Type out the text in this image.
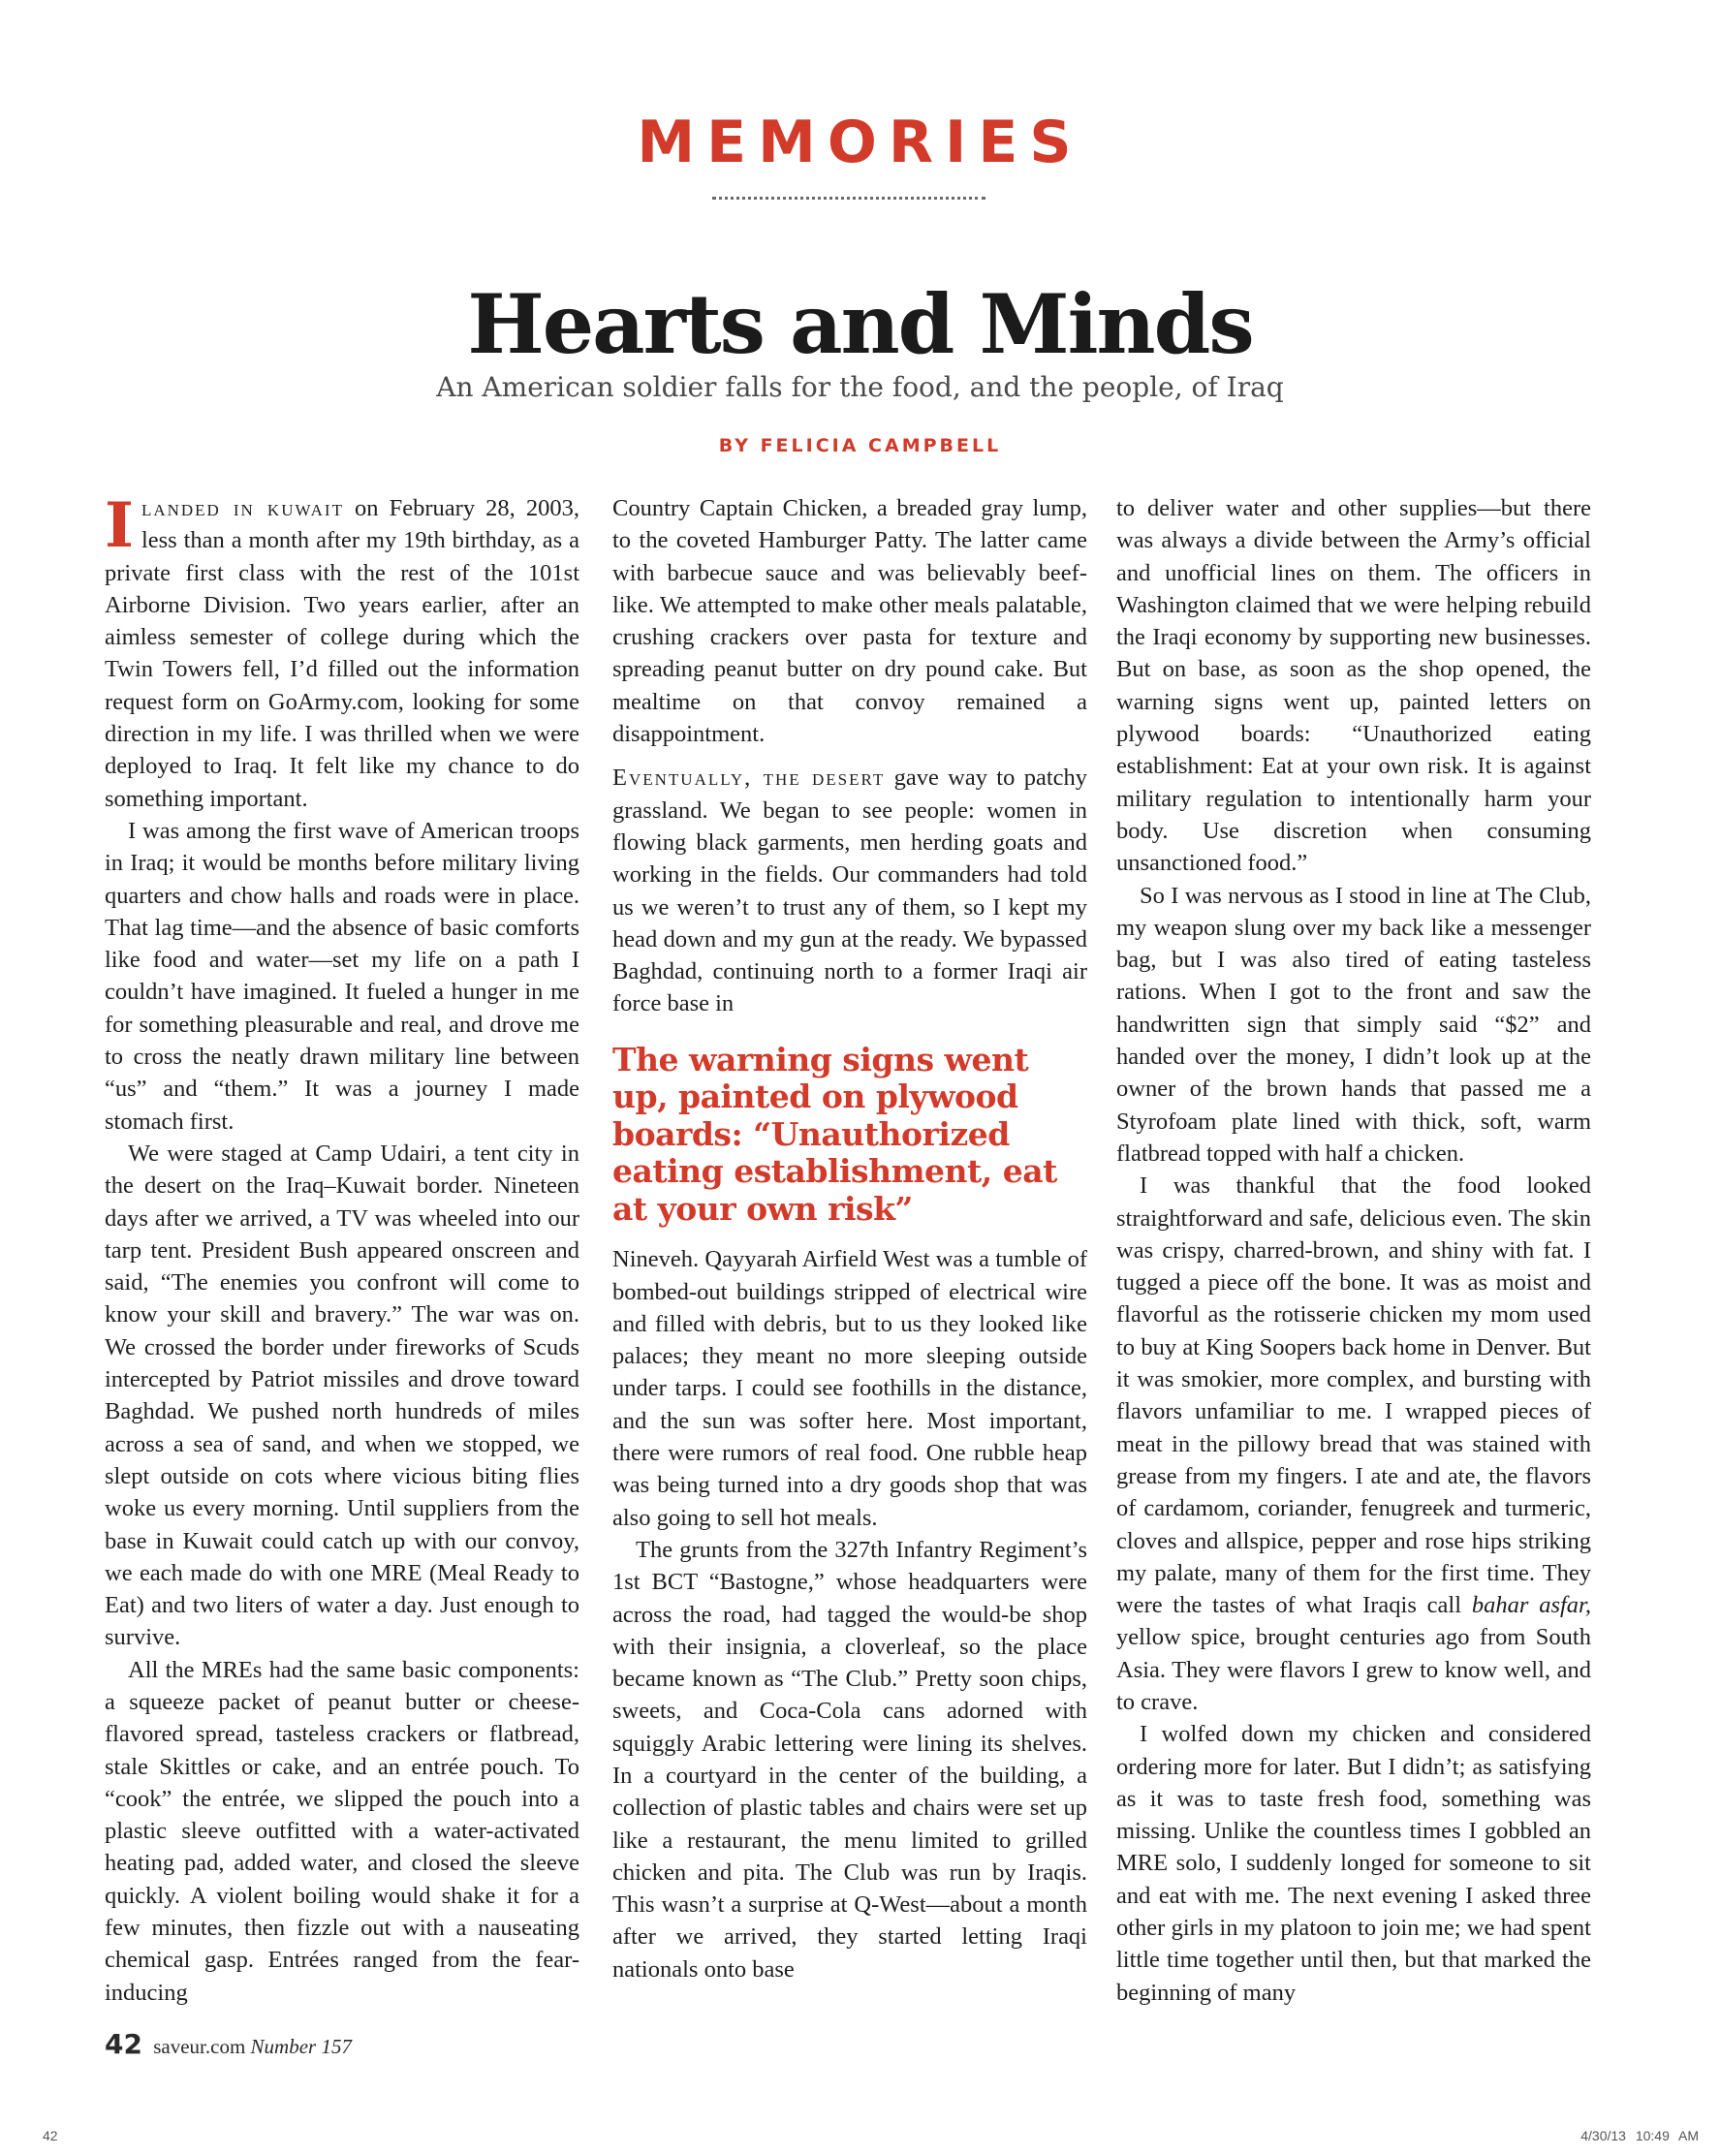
MEMORIES
Hearts and Minds
An American soldier falls for the food, and the people, of Iraq
BY FELICIA CAMPBELL

Ilanded in kuwait on February 28, 2003, less than a month after my 19th birthday, as a private first class with the rest of the 101st Airborne Division. Two years earlier, after an aimless semester of college during which the Twin Towers fell, I’d filled out the information request form on GoArmy.com, looking for some direction in my life. I was thrilled when we were deployed to Iraq. It felt like my chance to do something important.

I was among the first wave of American troops in Iraq; it would be months before military living quarters and chow halls and roads were in place. That lag time—and the absence of basic comforts like food and water—set my life on a path I couldn’t have imagined. It fueled a hunger in me for something pleasurable and real, and drove me to cross the neatly drawn military line between “us” and “them.” It was a journey I made stomach first.

We were staged at Camp Udairi, a tent city in the desert on the Iraq–Kuwait border. Nineteen days after we arrived, a TV was wheeled into our tarp tent. President Bush appeared onscreen and said, “The enemies you confront will come to know your skill and bravery.” The war was on. We crossed the border under fireworks of Scuds intercepted by Patriot missiles and drove toward Baghdad. We pushed north hundreds of miles across a sea of sand, and when we stopped, we slept outside on cots where vicious biting flies woke us every morning. Until suppliers from the base in Kuwait could catch up with our convoy, we each made do with one MRE (Meal Ready to Eat) and two liters of water a day. Just enough to survive.

All the MREs had the same basic components: a squeeze packet of peanut butter or cheese-flavored spread, tasteless crackers or flatbread, stale Skittles or cake, and an entrée pouch. To “cook” the entrée, we slipped the pouch into a plastic sleeve outfitted with a water-activated heating pad, added water, and closed the sleeve quickly. A violent boiling would shake it for a few minutes, then fizzle out with a nauseating chemical gasp. Entrées ranged from the fear-inducing

Country Captain Chicken, a breaded gray lump, to the coveted Hamburger Patty. The latter came with barbecue sauce and was believably beef-like. We attempted to make other meals palatable, crushing crackers over pasta for texture and spreading peanut butter on dry pound cake. But mealtime on that convoy remained a disappointment.

Eventually, the desert gave way to patchy grassland. We began to see people: women in flowing black garments, men herding goats and working in the fields. Our commanders had told us we weren’t to trust any of them, so I kept my head down and my gun at the ready. We bypassed Baghdad, continuing north to a former Iraqi air force base in

The warning signs went up, painted on plywood boards: “Unauthorized eating establishment, eat at your own risk”

Nineveh. Qayyarah Airfield West was a tumble of bombed-out buildings stripped of electrical wire and filled with debris, but to us they looked like palaces; they meant no more sleeping outside under tarps. I could see foothills in the distance, and the sun was softer here. Most important, there were rumors of real food. One rubble heap was being turned into a dry goods shop that was also going to sell hot meals.

The grunts from the 327th Infantry Regiment’s 1st BCT “Bastogne,” whose headquarters were across the road, had tagged the would-be shop with their insignia, a cloverleaf, so the place became known as “The Club.” Pretty soon chips, sweets, and Coca-Cola cans adorned with squiggly Arabic lettering were lining its shelves. In a courtyard in the center of the building, a collection of plastic tables and chairs were set up like a restaurant, the menu limited to grilled chicken and pita. The Club was run by Iraqis. This wasn’t a surprise at Q-West—about a month after we arrived, they started letting Iraqi nationals onto base

to deliver water and other supplies—but there was always a divide between the Army’s official and unofficial lines on them. The officers in Washington claimed that we were helping rebuild the Iraqi economy by supporting new businesses. But on base, as soon as the shop opened, the warning signs went up, painted letters on plywood boards: “Unauthorized eating establishment: Eat at your own risk. It is against military regulation to intentionally harm your body. Use discretion when consuming unsanctioned food.”

So I was nervous as I stood in line at The Club, my weapon slung over my back like a messenger bag, but I was also tired of eating tasteless rations. When I got to the front and saw the handwritten sign that simply said “$2” and handed over the money, I didn’t look up at the owner of the brown hands that passed me a Styrofoam plate lined with thick, soft, warm flatbread topped with half a chicken.

I was thankful that the food looked straightforward and safe, delicious even. The skin was crispy, charred-brown, and shiny with fat. I tugged a piece off the bone. It was as moist and flavorful as the rotisserie chicken my mom used to buy at King Soopers back home in Denver. But it was smokier, more complex, and bursting with flavors unfamiliar to me. I wrapped pieces of meat in the pillowy bread that was stained with grease from my fingers. I ate and ate, the flavors of cardamom, coriander, fenugreek and turmeric, cloves and allspice, pepper and rose hips striking my palate, many of them for the first time. They were the tastes of what Iraqis call bahar asfar, yellow spice, brought centuries ago from South Asia. They were flavors I grew to know well, and to crave.

I wolfed down my chicken and considered ordering more for later. But I didn’t; as satisfying as it was to taste fresh food, something was missing. Unlike the countless times I gobbled an MRE solo, I suddenly longed for someone to sit and eat with me. The next evening I asked three other girls in my platoon to join me; we had spent little time together until then, but that marked the beginning of many

42 saveur.com Number 157
42	4/30/13 10:49 AM
